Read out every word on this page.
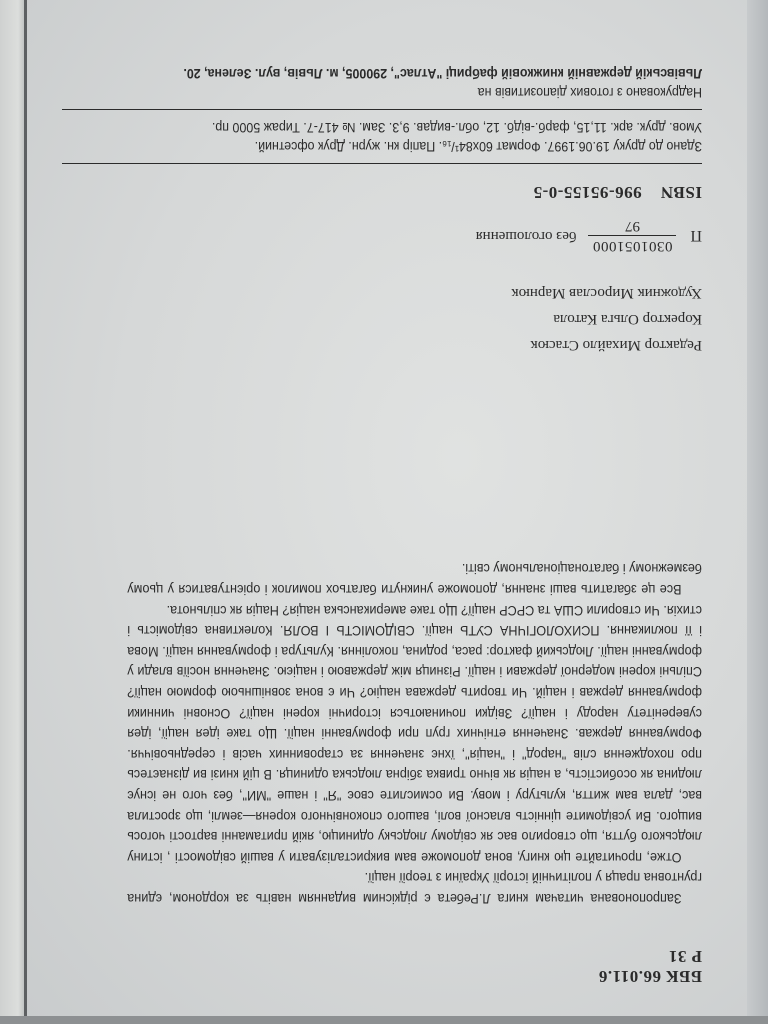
ББК 66.011.6
Р 31

Запропонована читачам книга Л.Ребета є рідкісним виданням навіть за кордоном, єдина грунтовна праця у політичній історії України з теорії нації.

Отже, прочитайте цю книгу, вона допоможе вам викристалізувати у вашій свідомості , істину людського буття, що створило вас як свідому людську одиницю, якій притаманні вартості чогось вищого. Ви усвідомите цінність власної волі, вашого споконвічного кореня—землі, що зростила вас, дала вам життя, культуру і мову. Ви осмислите своє "Я" і наше "МИ", без чого не існує людина як особистість, а нація як вічно тривка збірна людська одиниця. В цій книзі ви дізнаєтесь про походження слів "народ" і "нація", їхнє значення за старовинних часів і середньовіччя. Формування держав. Значення етнічних груп при формуванні нації. Що таке ідея нації, ідея суверенітету народу і нації? Звідки починаються історичні корені нації? Основні чинники формування держав і націй. Чи творить держава націю? Чи є вона зовнішньою формою нації? Спільні корені модерної держави і нації. Різниця між державою і нацією. Значення носіїв влади у формуванні нації. Людський фактор: раса, родина, покоління. Культура і формування нації. Мова і її покликання. ПСИХОЛОГІЧНА СУТЬ нації. СВІДОМІСТЬ І ВОЛЯ. Колективна свідомість і стихія. Чи створили США та СРСР нації? Що таке американська нація? Нація як спільнота.

Все це збагатить ваші знання, допоможе уникнути багатьох помилок і орієнтуватися у цьому безмежному і багатонаціональному світі.

Редактор Михайло Стасюк
Коректор Ольга Катола
Художник Мирослав Марнюк
П
0301051000
97
без оголошення
ISBN 996-95155-0-5
Здано до друку 19.06.1997. Формат 60x84¹/₁₆. Папір кн. журн. Друк офсетний.
Умов. друк. арк. 11,15, фарб.-відб. 12, обл.-видав. 9,3. Зам. № 417-7. Тираж 5000 пр.
Надруковано з готових діапозитивів на
Львівській державній книжковій фабриці "Атлас", 290005, м. Львів, вул. Зелена, 20.
